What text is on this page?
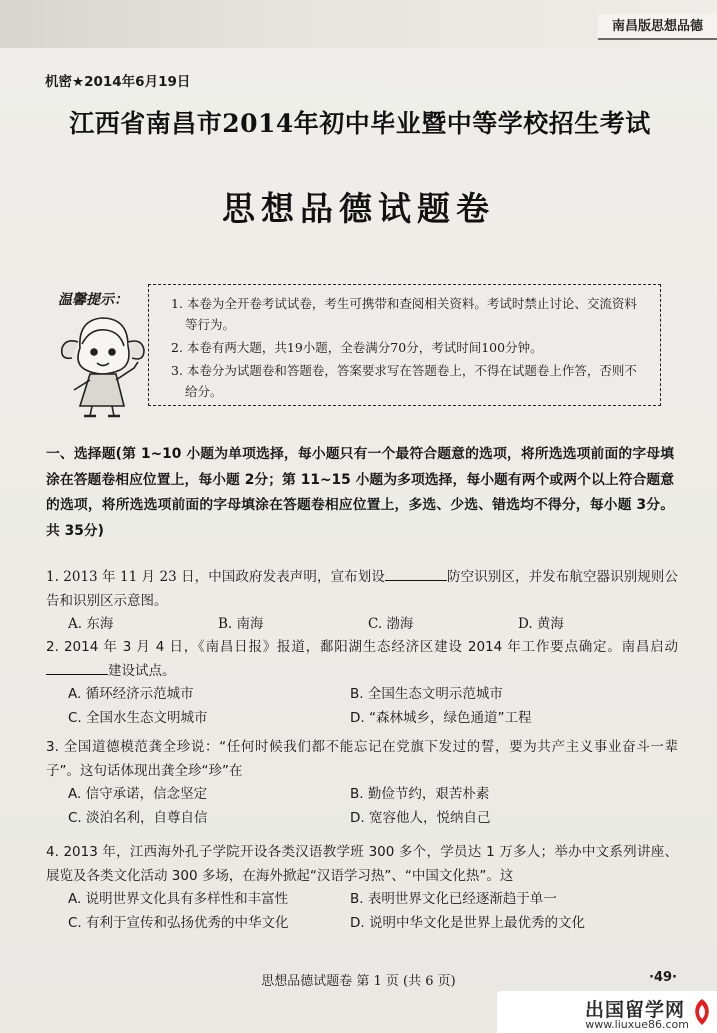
南昌版思想品德
机密★2014年6月19日
江西省南昌市2014年初中毕业暨中等学校招生考试
思想品德试题卷
温馨提示：	1. 本卷为全开卷考试试卷，考生可携带和查阅相关资料。考试时禁止讨论、交流资料等行为。
2. 本卷有两大题，共19小题，全卷满分70分，考试时间100分钟。
3. 本卷分为试题卷和答题卷，答案要求写在答题卷上，不得在试题卷上作答，否则不给分。
一、选择题(第 1~10 小题为单项选择，每小题只有一个最符合题意的选项，将所选选项前面的字母填涂在答题卷相应位置上，每小题 2分；第 11~15 小题为多项选择，每小题有两个或两个以上符合题意的选项，将所选选项前面的字母填涂在答题卷相应位置上，多选、少选、错选均不得分，每小题 3分。共 35分)
1. 2013 年 11 月 23 日，中国政府发表声明，宣布划设	防空识别区，并发布航空器识别规则公告和识别区示意图。
A. 东海	B. 南海	C. 渤海	D. 黄海
2. 2014 年 3 月 4 日，《南昌日报》报道，鄱阳湖生态经济区建设 2014 年工作要点确定。南昌启动建设试点。
A. 循环经济示范城市	B. 全国生态文明示范城市
C. 全国水生态文明城市	D. “森林城乡，绿色通道”工程
3. 全国道德模范龚全珍说：“任何时候我们都不能忘记在党旗下发过的誓，要为共产主义事业奋斗一辈子”。这句话体现出龚全珍“珍”在
A. 信守承诺，信念坚定	B. 勤俭节约，艰苦朴素
C. 淡泊名利，自尊自信	D. 宽容他人，悦纳自己
4. 2013 年，江西海外孔子学院开设各类汉语教学班 300 多个，学员达 1 万多人；举办中文系列讲座、展览及各类文化活动 300 多场，在海外掀起“汉语学习热”、“中国文化热”。这
A. 说明世界文化具有多样性和丰富性	B. 表明世界文化已经逐渐趋于单一
C. 有利于宣传和弘扬优秀的中华文化	D. 说明中华文化是世界上最优秀的文化
思想品德试题卷 第 1 页 (共 6 页)	·49·
出国留学网
www.liuxue86.com
